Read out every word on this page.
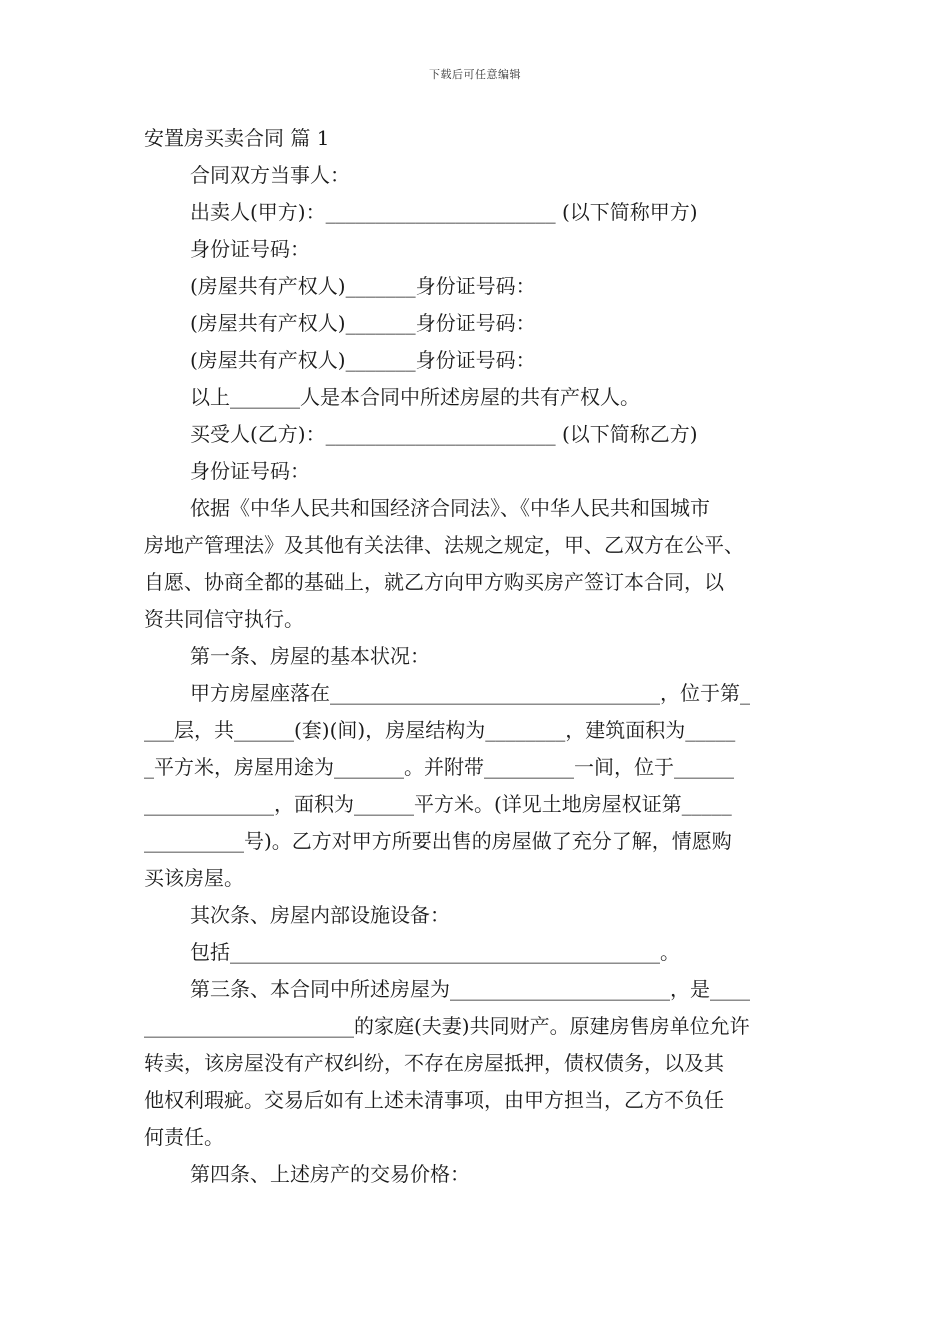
下载后可任意编辑

安置房买卖合同 篇 1

合同双方当事人：

出卖人(甲方)：_______________________ (以下简称甲方)

身份证号码：

(房屋共有产权人)_______身份证号码：

(房屋共有产权人)_______身份证号码：

(房屋共有产权人)_______身份证号码：

以上_______人是本合同中所述房屋的共有产权人。

买受人(乙方)：_______________________ (以下简称乙方)

身份证号码：

依据《中华人民共和国经济合同法》、《中华人民共和国城市
房地产管理法》及其他有关法律、法规之规定，甲、乙双方在公平、
自愿、协商全都的基础上，就乙方向甲方购买房产签订本合同，以
资共同信守执行。

第一条、房屋的基本状况：

甲方房屋座落在_________________________________，位于第_
___层，共______(套)(间)，房屋结构为________，建筑面积为_____
_平方米，房屋用途为_______。并附带_________一间，位于______
_____________，面积为______平方米。(详见土地房屋权证第_____
__________号)。乙方对甲方所要出售的房屋做了充分了解，情愿购
买该房屋。

其次条、房屋内部设施设备：

包括___________________________________________。

第三条、本合同中所述房屋为______________________，是____
_____________________的家庭(夫妻)共同财产。原建房售房单位允许
转卖，该房屋没有产权纠纷，不存在房屋抵押，债权债务，以及其
他权利瑕疵。交易后如有上述未清事项，由甲方担当，乙方不负任
何责任。

第四条、上述房产的交易价格：
